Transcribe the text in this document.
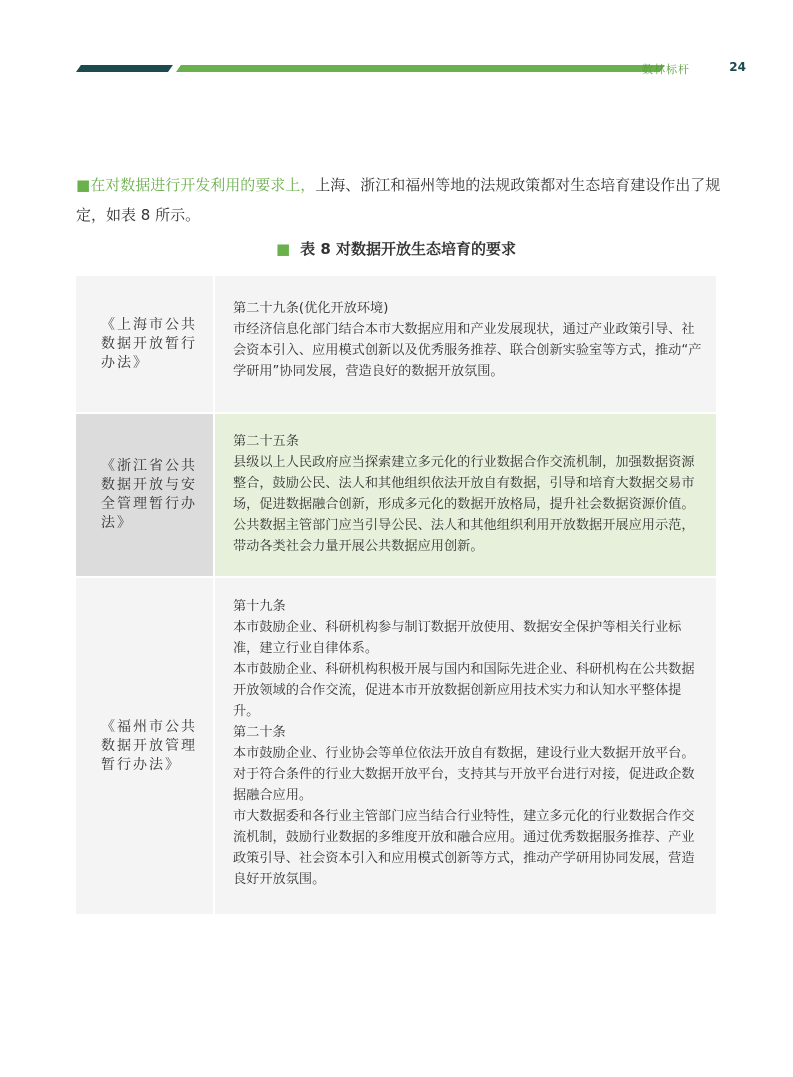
数林标杆	24
■在对数据进行开发利用的要求上，上海、浙江和福州等地的法规政策都对生态培育建设作出了规定，如表 8 所示。
■ 表 8 对数据开放生态培育的要求
《上海市公共数据开放暂行办法》

第二十九条(优化开放环境)

市经济信息化部门结合本市大数据应用和产业发展现状，通过产业政策引导、社会资本引入、应用模式创新以及优秀服务推荐、联合创新实验室等方式，推动“产学研用”协同发展，营造良好的数据开放氛围。

《浙江省公共数据开放与安全管理暂行办法》

第二十五条

县级以上人民政府应当探索建立多元化的行业数据合作交流机制，加强数据资源整合，鼓励公民、法人和其他组织依法开放自有数据，引导和培育大数据交易市场，促进数据融合创新，形成多元化的数据开放格局，提升社会数据资源价值。公共数据主管部门应当引导公民、法人和其他组织利用开放数据开展应用示范，带动各类社会力量开展公共数据应用创新。

《福州市公共数据开放管理暂行办法》

第十九条

本市鼓励企业、科研机构参与制订数据开放使用、数据安全保护等相关行业标准，建立行业自律体系。

本市鼓励企业、科研机构积极开展与国内和国际先进企业、科研机构在公共数据开放领域的合作交流，促进本市开放数据创新应用技术实力和认知水平整体提升。

第二十条

本市鼓励企业、行业协会等单位依法开放自有数据，建设行业大数据开放平台。对于符合条件的行业大数据开放平台，支持其与开放平台进行对接，促进政企数据融合应用。

市大数据委和各行业主管部门应当结合行业特性，建立多元化的行业数据合作交流机制，鼓励行业数据的多维度开放和融合应用。通过优秀数据服务推荐、产业政策引导、社会资本引入和应用模式创新等方式，推动产学研用协同发展，营造良好开放氛围。
